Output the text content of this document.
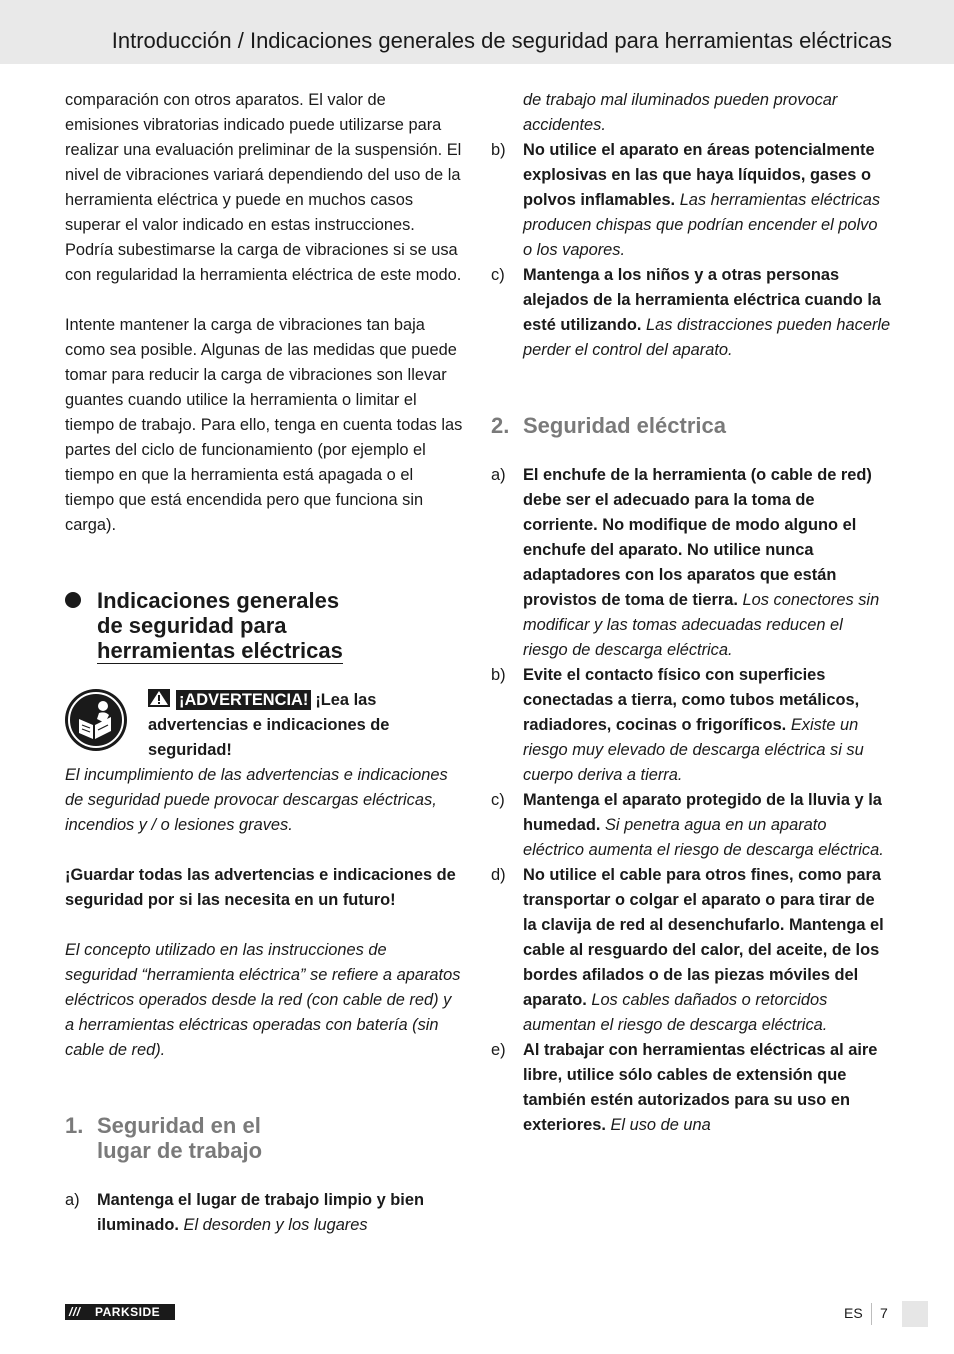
Introducción / Indicaciones generales de seguridad para herramientas eléctricas

comparación con otros aparatos. El valor de emisiones vibratorias indicado puede utilizarse para realizar una evaluación preliminar de la suspensión. El nivel de vibraciones variará dependiendo del uso de la herramienta eléctrica y puede en muchos casos superar el valor indicado en estas instrucciones. Podría subestimarse la carga de vibraciones si se usa con regularidad la herramienta eléctrica de este modo.

Intente mantener la carga de vibraciones tan baja como sea posible. Algunas de las medidas que puede tomar para reducir la carga de vibraciones son llevar guantes cuando utilice la herramienta o limitar el tiempo de trabajo. Para ello, tenga en cuenta todas las partes del ciclo de funcionamiento (por ejemplo el tiempo en que la herramienta está apagada o el tiempo que está encendida pero que funciona sin carga).

Indicaciones generales
de seguridad para
herramientas eléctricas

¡ADVERTENCIA! ¡Lea las advertencias e indicaciones de seguridad!

El incumplimiento de las advertencias e indicaciones de seguridad puede provocar descargas eléctricas, incendios y / o lesiones graves.

¡Guardar todas las advertencias e indicaciones de seguridad por si las necesita en un futuro!

El concepto utilizado en las instrucciones de seguridad “herramienta eléctrica” se refiere a aparatos eléctricos operados desde la red (con cable de red) y a herramientas eléctricas operadas con batería (sin cable de red).

1. Seguridad en el
lugar de trabajo
a) Mantenga el lugar de trabajo limpio y bien iluminado. El desorden y los lugares
de trabajo mal iluminados pueden provocar accidentes.
b) No utilice el aparato en áreas potencialmente explosivas en las que haya líquidos, gases o polvos inflamables. Las herramientas eléctricas producen chispas que podrían encender el polvo o los vapores.
c) Mantenga a los niños y a otras personas alejados de la herramienta eléctrica cuando la esté utilizando. Las distracciones pueden hacerle perder el control del aparato.
2. Seguridad eléctrica
a) El enchufe de la herramienta (o cable de red) debe ser el adecuado para la toma de corriente. No modifique de modo alguno el enchufe del aparato. No utilice nunca adaptadores con los aparatos que están provistos de toma de tierra. Los conectores sin modificar y las tomas adecuadas reducen el riesgo de descarga eléctrica.
b) Evite el contacto físico con superficies conectadas a tierra, como tubos metálicos, radiadores, cocinas o frigoríficos. Existe un riesgo muy elevado de descarga eléctrica si su cuerpo deriva a tierra.
c) Mantenga el aparato protegido de la lluvia y la humedad. Si penetra agua en un aparato eléctrico aumenta el riesgo de descarga eléctrica.
d) No utilice el cable para otros fines, como para transportar o colgar el aparato o para tirar de la clavija de red al desenchufarlo. Mantenga el cable al resguardo del calor, del aceite, de los bordes afilados o de las piezas móviles del aparato. Los cables dañados o retorcidos aumentan el riesgo de descarga eléctrica.
e) Al trabajar con herramientas eléctricas al aire libre, utilice sólo cables de extensión que también estén autorizados para su uso en exteriores. El uso de una
/// PARKSIDE	ES 7
